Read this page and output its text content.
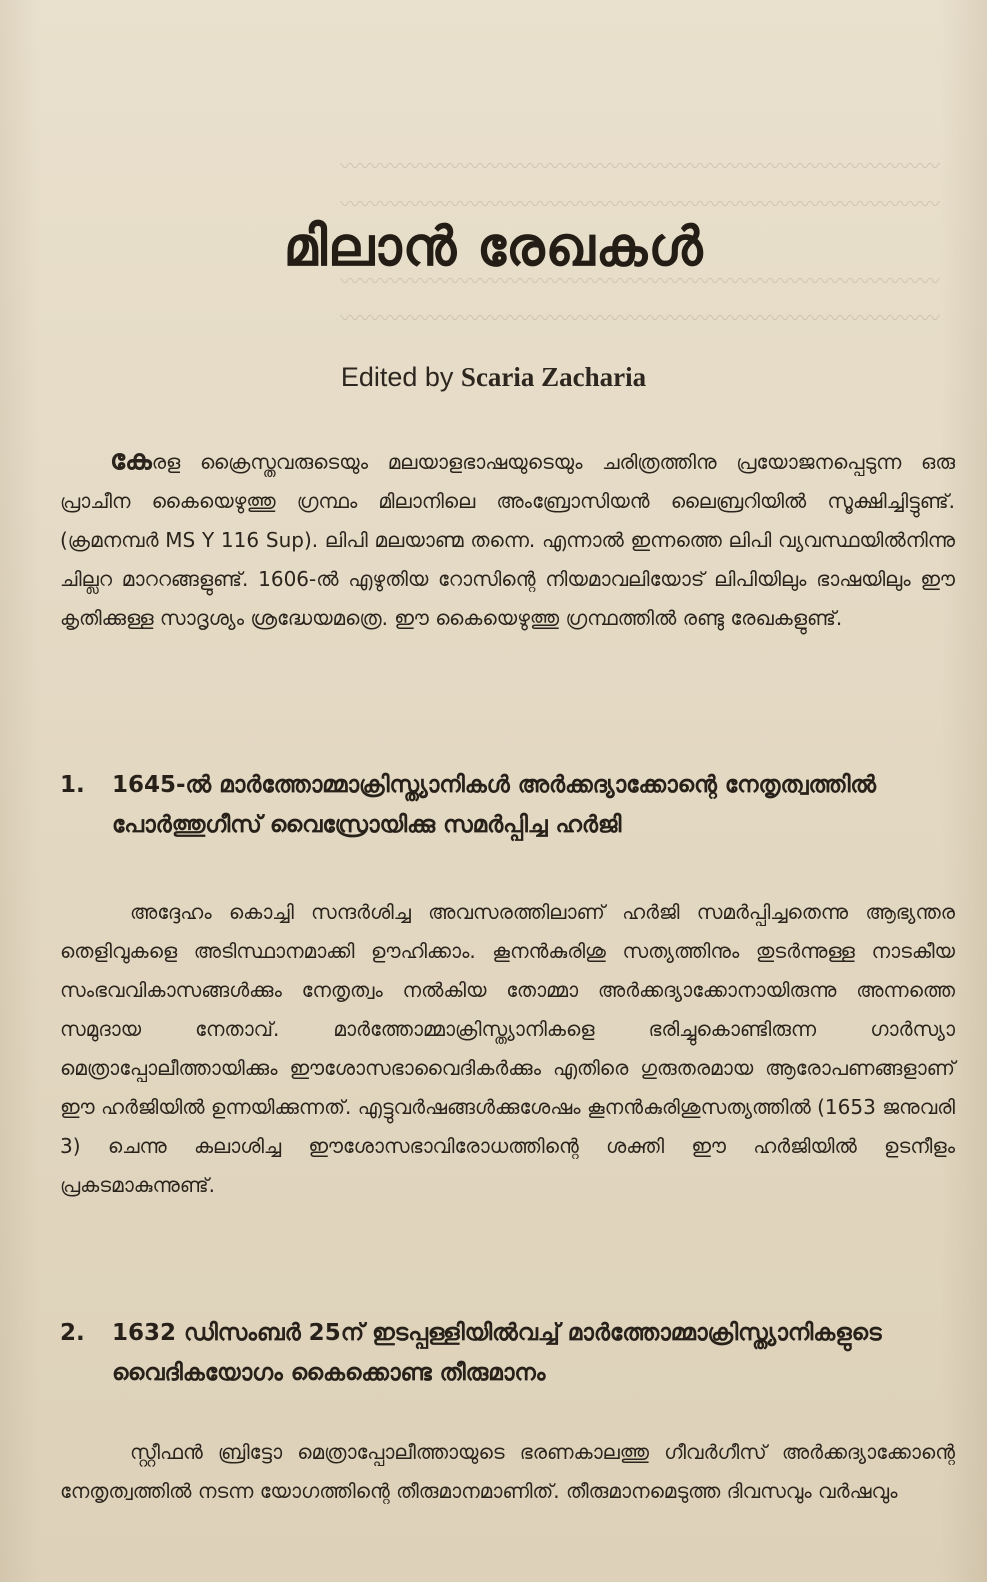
〰〰〰〰〰〰〰〰〰〰〰〰〰〰〰〰〰〰〰〰〰〰〰〰〰〰〰〰〰〰
〰〰〰〰〰〰〰〰〰〰〰〰〰〰〰〰〰〰〰〰〰〰〰〰〰〰〰〰〰〰
〰〰〰〰〰〰〰〰〰〰〰〰〰〰〰〰〰〰〰〰〰〰〰〰〰〰〰〰〰〰
〰〰〰〰〰〰〰〰〰〰〰〰〰〰〰〰〰〰〰〰〰〰〰〰〰〰〰〰〰〰
മിലാൻ രേഖകൾ
Edited by Scaria Zacharia
കേരള ക്രൈസ്തവരുടെയും മലയാളഭാഷയുടെയും ചരിത്രത്തിനു പ്രയോജനപ്പെടുന്ന ഒരു പ്രാചീന കൈയെഴുത്തു ഗ്രന്ഥം മിലാനിലെ അംബ്രോസിയൻ ലൈബ്രറിയിൽ സൂക്ഷിച്ചിട്ടുണ്ട്. (ക്രമനമ്പർ MS Y 116 Sup). ലിപി മലയാണ്മ തന്നെ. എന്നാൽ ഇന്നത്തെ ലിപി വ്യവസ്ഥയിൽനിന്നു ചില്ലറ മാററങ്ങളുണ്ട്. 1606-ൽ എഴുതിയ റോസിന്റെ നിയമാവലിയോട് ലിപിയിലും ഭാഷയിലും ഈ കൃതിക്കുള്ള സാദൃശ്യം ശ്രദ്ധേയമത്രെ. ഈ കൈയെഴുത്തു ഗ്രന്ഥത്തിൽ രണ്ടു രേഖകളുണ്ട്.
1.	1645-ൽ മാർത്തോമ്മാക്രിസ്ത്യാനികൾ അർക്കദ്യാക്കോന്റെ നേതൃത്വത്തിൽ പോർത്തുഗീസ് വൈസ്രോയിക്കു സമർപ്പിച്ച ഹർജി
അദ്ദേഹം കൊച്ചി സന്ദർശിച്ച അവസരത്തിലാണ് ഹർജി സമർപ്പിച്ചതെന്നു ആഭ്യന്തര തെളിവുകളെ അടിസ്ഥാനമാക്കി ഊഹിക്കാം. കൂനൻകുരിശു സത്യത്തിനും തുടർന്നുള്ള നാടകീയ സംഭവവികാസങ്ങൾക്കും നേതൃത്വം നൽകിയ തോമ്മാ അർക്കദ്യാക്കോനായിരുന്നു അന്നത്തെ സമുദായ നേതാവ്. മാർത്തോമ്മാക്രിസ്ത്യാനികളെ ഭരിച്ചുകൊണ്ടിരുന്ന ഗാർസ്യാ മെത്രാപ്പോലീത്തായിക്കും ഈശോസഭാവൈദികർക്കും എതിരെ ഗുരുതരമായ ആരോപണങ്ങളാണ് ഈ ഹർജിയിൽ ഉന്നയിക്കുന്നത്. എട്ടുവർഷങ്ങൾക്കുശേഷം കൂനൻകുരിശുസത്യത്തിൽ (1653 ജനുവരി 3) ചെന്നു കലാശിച്ച ഈശോസഭാവിരോധത്തിന്റെ ശക്തി ഈ ഹർജിയിൽ ഉടനീളം പ്രകടമാകുന്നുണ്ട്.
2.	1632 ഡിസംബർ 25ന് ഇടപ്പള്ളിയിൽവച്ച് മാർത്തോമ്മാക്രിസ്ത്യാനികളുടെ വൈദികയോഗം കൈക്കൊണ്ട തീരുമാനം
സ്റ്റീഫൻ ബ്രിട്ടോ മെത്രാപ്പോലീത്തായുടെ ഭരണകാലത്തു ഗീവർഗീസ് അർക്കദ്യാക്കോന്റെ നേതൃത്വത്തിൽ നടന്ന യോഗത്തിന്റെ തീരുമാനമാണിത്. തീരുമാനമെടുത്ത ദിവസവും വർഷവും
